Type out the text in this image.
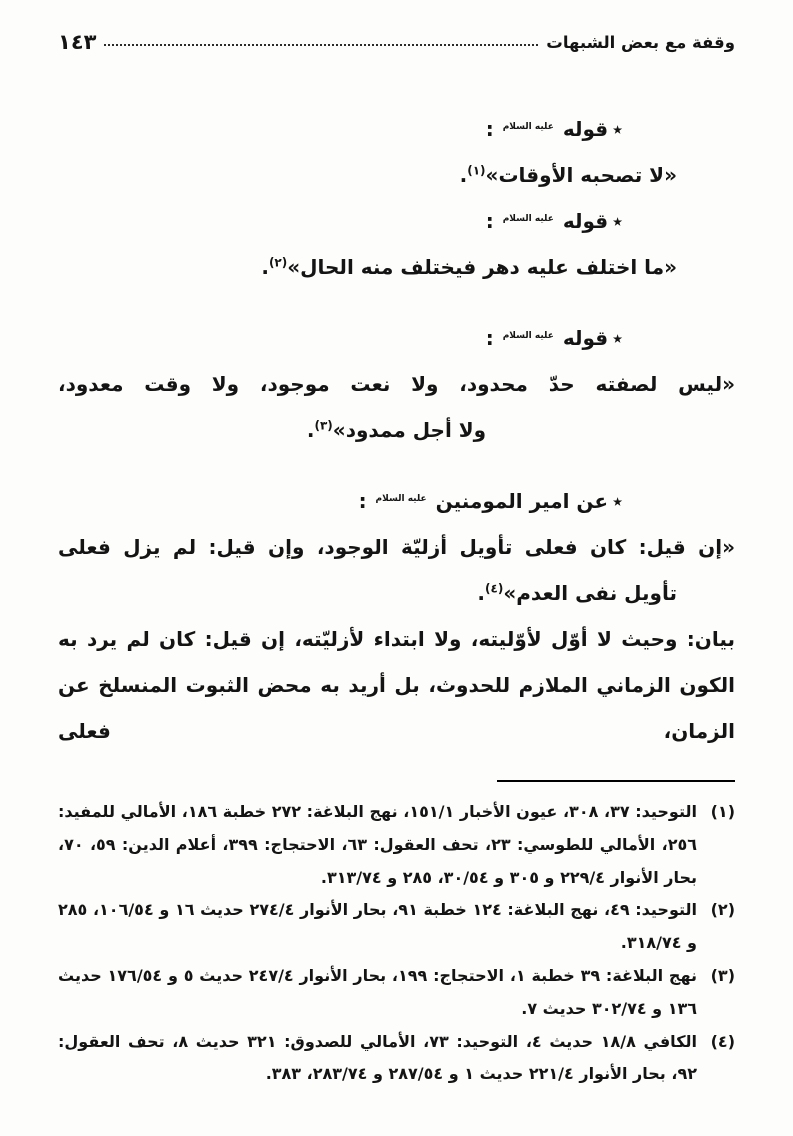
وقفة مع بعض الشبهات
١٤٣
٭قوله عليه السلام :
«لا تصحبه الأوقات»$^{(١)}$.
٭قوله عليه السلام :
«ما اختلف عليه دهر فيختلف منه الحال»$^{(٢)}$.
٭قوله عليه السلام :
«ليس لصفته حدّ محدود، ولا نعت موجود، ولا وقت معدود،
ولا أجل ممدود»$^{(٣)}$.
٭عن امير المومنين عليه السلام :
«إن قيل: كان فعلى تأويل أزليّة الوجود، وإن قيل: لم يزل فعلى
تأويل نفى العدم»$^{(٤)}$.
بيان: وحيث لا أوّل لأوّليته، ولا ابتداء لأزليّته، إن قيل: كان لم يرد به الكون الزماني الملازم للحدوث، بل أريد به محض الثبوت المنسلخ عن الزمان، فعلى
(١)
التوحيد: ٣٧، ٣٠٨، عيون الأخبار ١٥١/١، نهج البلاغة: ٢٧٢ خطبة ١٨٦، الأمالي للمفيد: ٢٥٦، الأمالي للطوسي: ٢٣، تحف العقول: ٦٣، الاحتجاج: ٣٩٩، أعلام الدين: ٥٩، ٧٠، بحار الأنوار ٢٢٩/٤ و ٣٠٥ و ٣٠/٥٤، ٢٨٥ و ٣١٣/٧٤.
(٢)
التوحيد: ٤٩، نهج البلاغة: ١٢٤ خطبة ٩١، بحار الأنوار ٢٧٤/٤ حديث ١٦ و ١٠٦/٥٤، ٢٨٥ و ٣١٨/٧٤.
(٣)
نهج البلاغة: ٣٩ خطبة ١، الاحتجاج: ١٩٩، بحار الأنوار ٢٤٧/٤ حديث ٥ و ١٧٦/٥٤ حديث ١٣٦ و ٣٠٢/٧٤ حديث ٧.
(٤)
الكافي ١٨/٨ حديث ٤، التوحيد: ٧٣، الأمالي للصدوق: ٣٢١ حديث ٨، تحف العقول: ٩٢، بحار الأنوار ٢٢١/٤ حديث ١ و ٢٨٧/٥٤ و ٢٨٣/٧٤، ٣٨٣.
